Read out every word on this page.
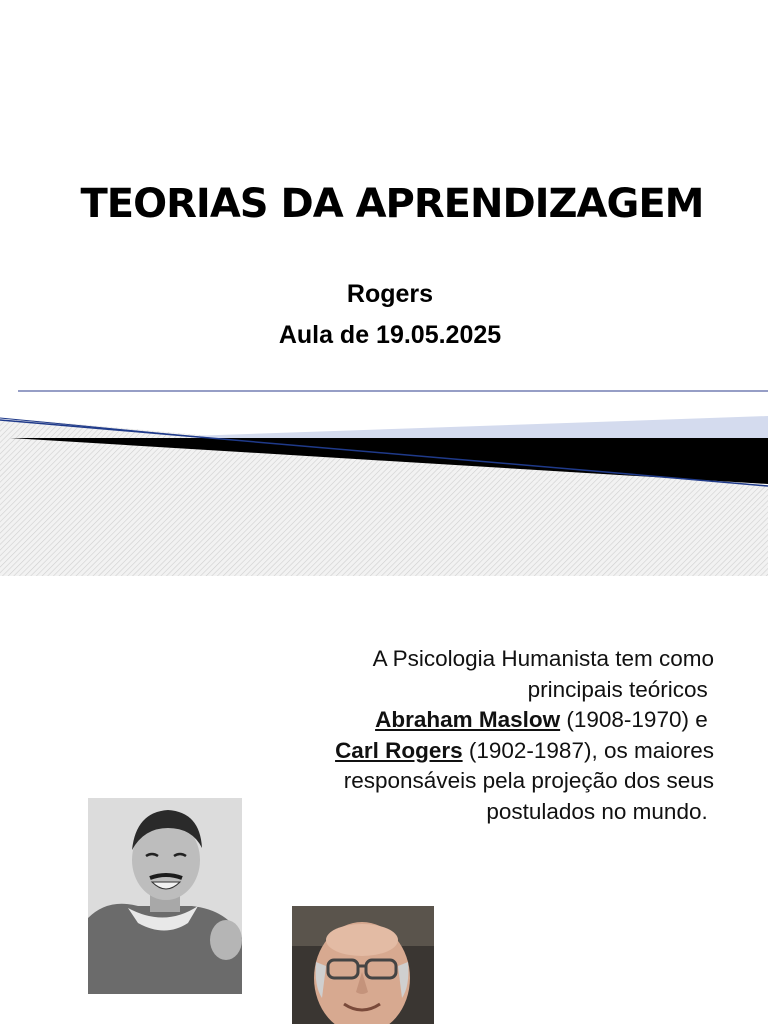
TEORIAS DA APRENDIZAGEM
Rogers
Aula de 19.05.2025
A Psicologia Humanista tem como
principais teóricos
Abraham Maslow (1908-1970) e
Carl Rogers (1902-1987), os maiores
responsáveis pela projeção dos seus
postulados no mundo.
